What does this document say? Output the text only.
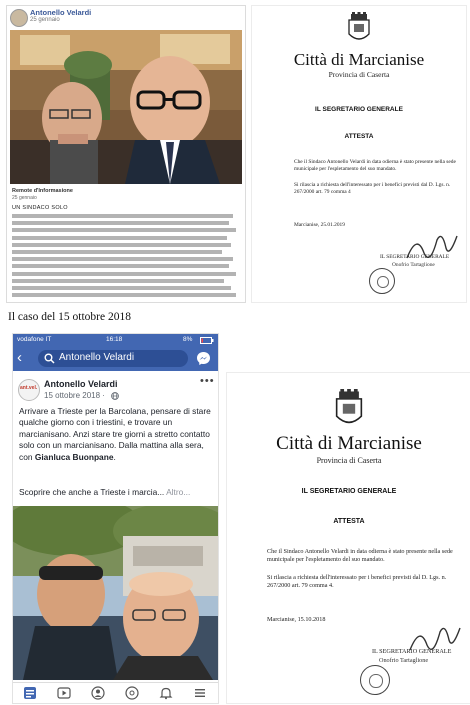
Antonello Velardi
25 gennaio
Remote d'Informasione
25 gennaio
UN SINDACO SOLO
Città di Marcianise
Provincia di Caserta
IL SEGRETARIO GENERALE
ATTESTA
Che il Sindaco Antonello Velardi in data odierna è stato presente nella sede municipale per l'espletamento del suo mandato.
Si rilascia a richiesta dell'interessato per i benefici previsti dal D. Lgs. n. 267/2000 art. 79 comma 4
Marcianise, 25.01.2019
IL SEGRETARIO GENERALE
Onofrio Tartaglione
Il caso del 15 ottobre 2018
vodafone IT	16:18	8%
‹	Antonello Velardi
ant.vel. Antonello Velardi
15 ottobre 2018 ·
•••
Arrivare a Trieste per la Barcolana, pensare di stare qualche giorno con i triestini, e trovare un marcianisano. Anzi stare tre giorni a stretto contatto solo con un marcianisano. Dalla mattina alla sera, con Gianluca Buonpane.
Scoprire che anche a Trieste i marcia... Altro...
Città di Marcianise
Provincia di Caserta
IL SEGRETARIO GENERALE
ATTESTA
Che il Sindaco Antonello Velardi in data odierna è stato presente nella sede municipale per l'espletamento del suo mandato.
Si rilascia a richiesta dell'interessato per i benefici previsti dal D. Lgs. n. 267/2000 art. 79 comma 4.
Marcianise, 15.10.2018
IL SEGRETARIO GENERALE
Onofrio Tartaglione
